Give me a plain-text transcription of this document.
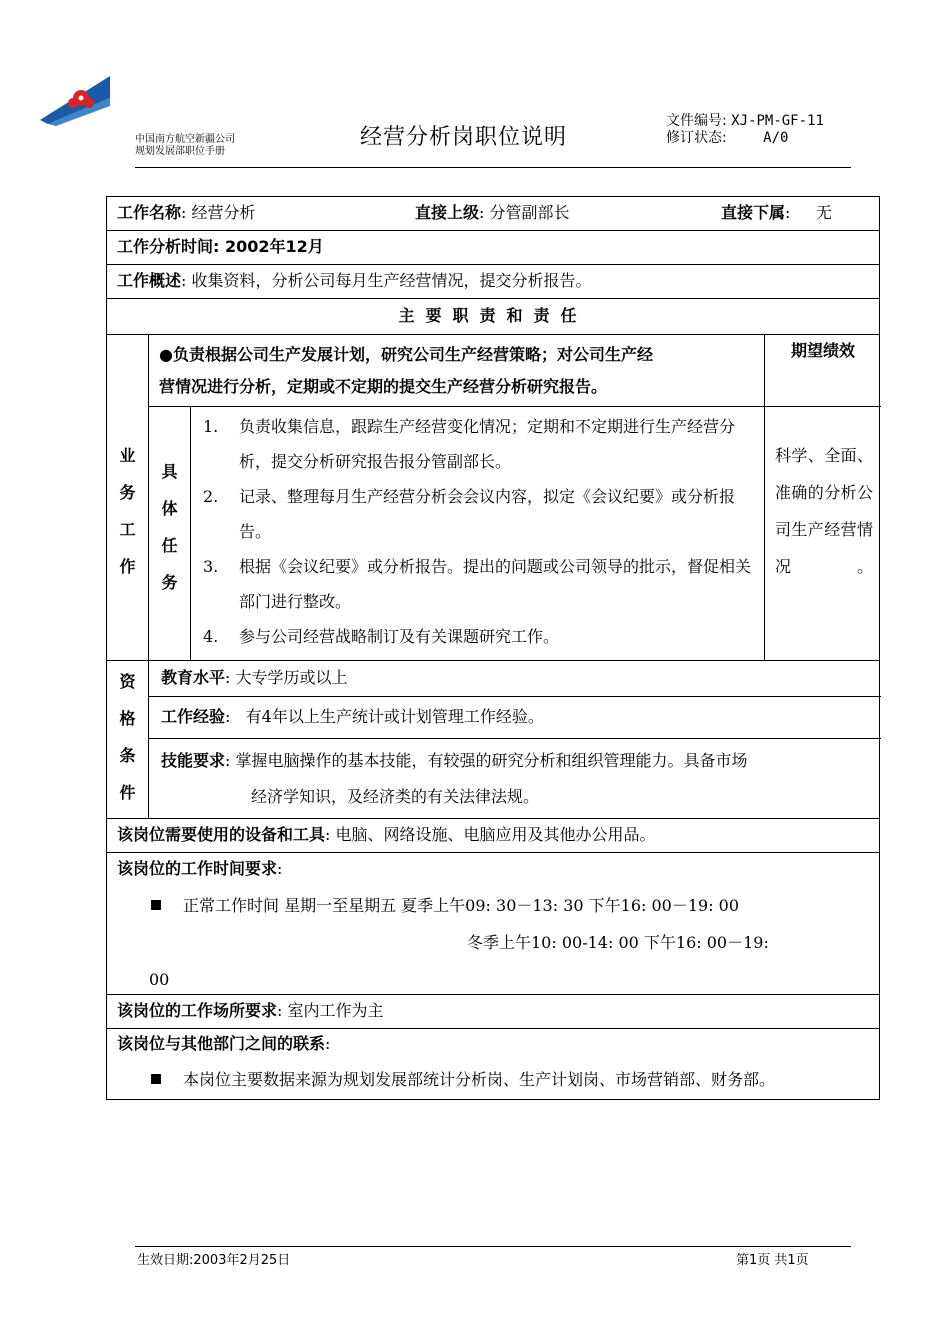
中国南方航空新疆公司
规划发展部职位手册
经营分析岗职位说明
文件编号: XJ-PM-GF-11
修订状态:	A/0
工作名称: 经营分析	直接上级: 分管副部长	直接下属:     无
工作分析时间: 2002年12月
工作概述: 收集资料，分析公司每月生产经营情况，提交分析报告。
主要职责和责任
业
务
工
作
●负责根据公司生产发展计划，研究公司生产经营策略；对公司生产经
营情况进行分析，定期或不定期的提交生产经营分析研究报告。
期望绩效
具
体
任
务
1.	负责收集信息，跟踪生产经营变化情况；定期和不定期进行生产经营分析，提交分析研究报告报分管副部长。
2.	记录、整理每月生产经营分析会会议内容，拟定《会议纪要》或分析报告。
3.	根据《会议纪要》或分析报告。提出的问题或公司领导的批示，督促相关部门进行整改。
4.	参与公司经营战略制订及有关课题研究工作。
科学、全面、准确的分析公司生产经营情况。
资
格
条
件
教育水平: 大专学历或以上
工作经验:   有4年以上生产统计或计划管理工作经验。
技能要求: 掌握电脑操作的基本技能，有较强的研究分析和组织管理能力。具备市场
经济学知识，及经济类的有关法律法规。
该岗位需要使用的设备和工具: 电脑、网络设施、电脑应用及其他办公用品。
该岗位的工作时间要求:
正常工作时间 星期一至星期五 夏季上午09: 30－13: 30 下午16: 00－19: 00
冬季上午10: 00-14: 00 下午16: 00－19:
00
该岗位的工作场所要求: 室内工作为主
该岗位与其他部门之间的联系:
本岗位主要数据来源为规划发展部统计分析岗、生产计划岗、市场营销部、财务部。
生效日期:2003年2月25日	第1页 共1页
